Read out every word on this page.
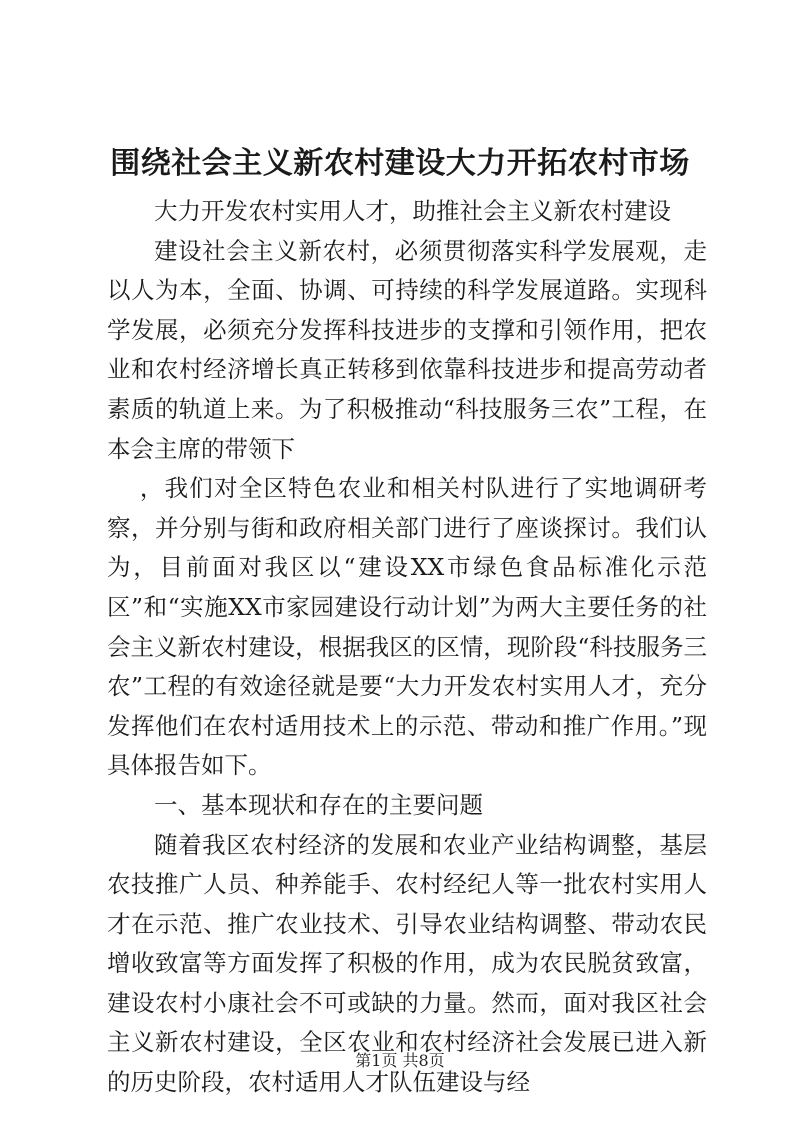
围绕社会主义新农村建设大力开拓农村市场

大力开发农村实用人才，助推社会主义新农村建设

建设社会主义新农村，必须贯彻落实科学发展观，走以人为本，全面、协调、可持续的科学发展道路。实现科学发展，必须充分发挥科技进步的支撑和引领作用，把农业和农村经济增长真正转移到依靠科技进步和提高劳动者素质的轨道上来。为了积极推动“科技服务三农”工程，在本会主席的带领下

，我们对全区特色农业和相关村队进行了实地调研考察，并分别与街和政府相关部门进行了座谈探讨。我们认为，目前面对我区以“建设XX市绿色食品标准化示范区”和“实施XX市家园建设行动计划”为两大主要任务的社会主义新农村建设，根据我区的区情，现阶段“科技服务三农”工程的有效途径就是要“大力开发农村实用人才，充分发挥他们在农村适用技术上的示范、带动和推广作用。”现具体报告如下。

一、基本现状和存在的主要问题

随着我区农村经济的发展和农业产业结构调整，基层农技推广人员、种养能手、农村经纪人等一批农村实用人才在示范、推广农业技术、引导农业结构调整、带动农民增收致富等方面发挥了积极的作用，成为农民脱贫致富，建设农村小康社会不可或缺的力量。然而，面对我区社会主义新农村建设，全区农业和农村经济社会发展已进入新的历史阶段，农村适用人才队伍建设与经

第1页 共8页
